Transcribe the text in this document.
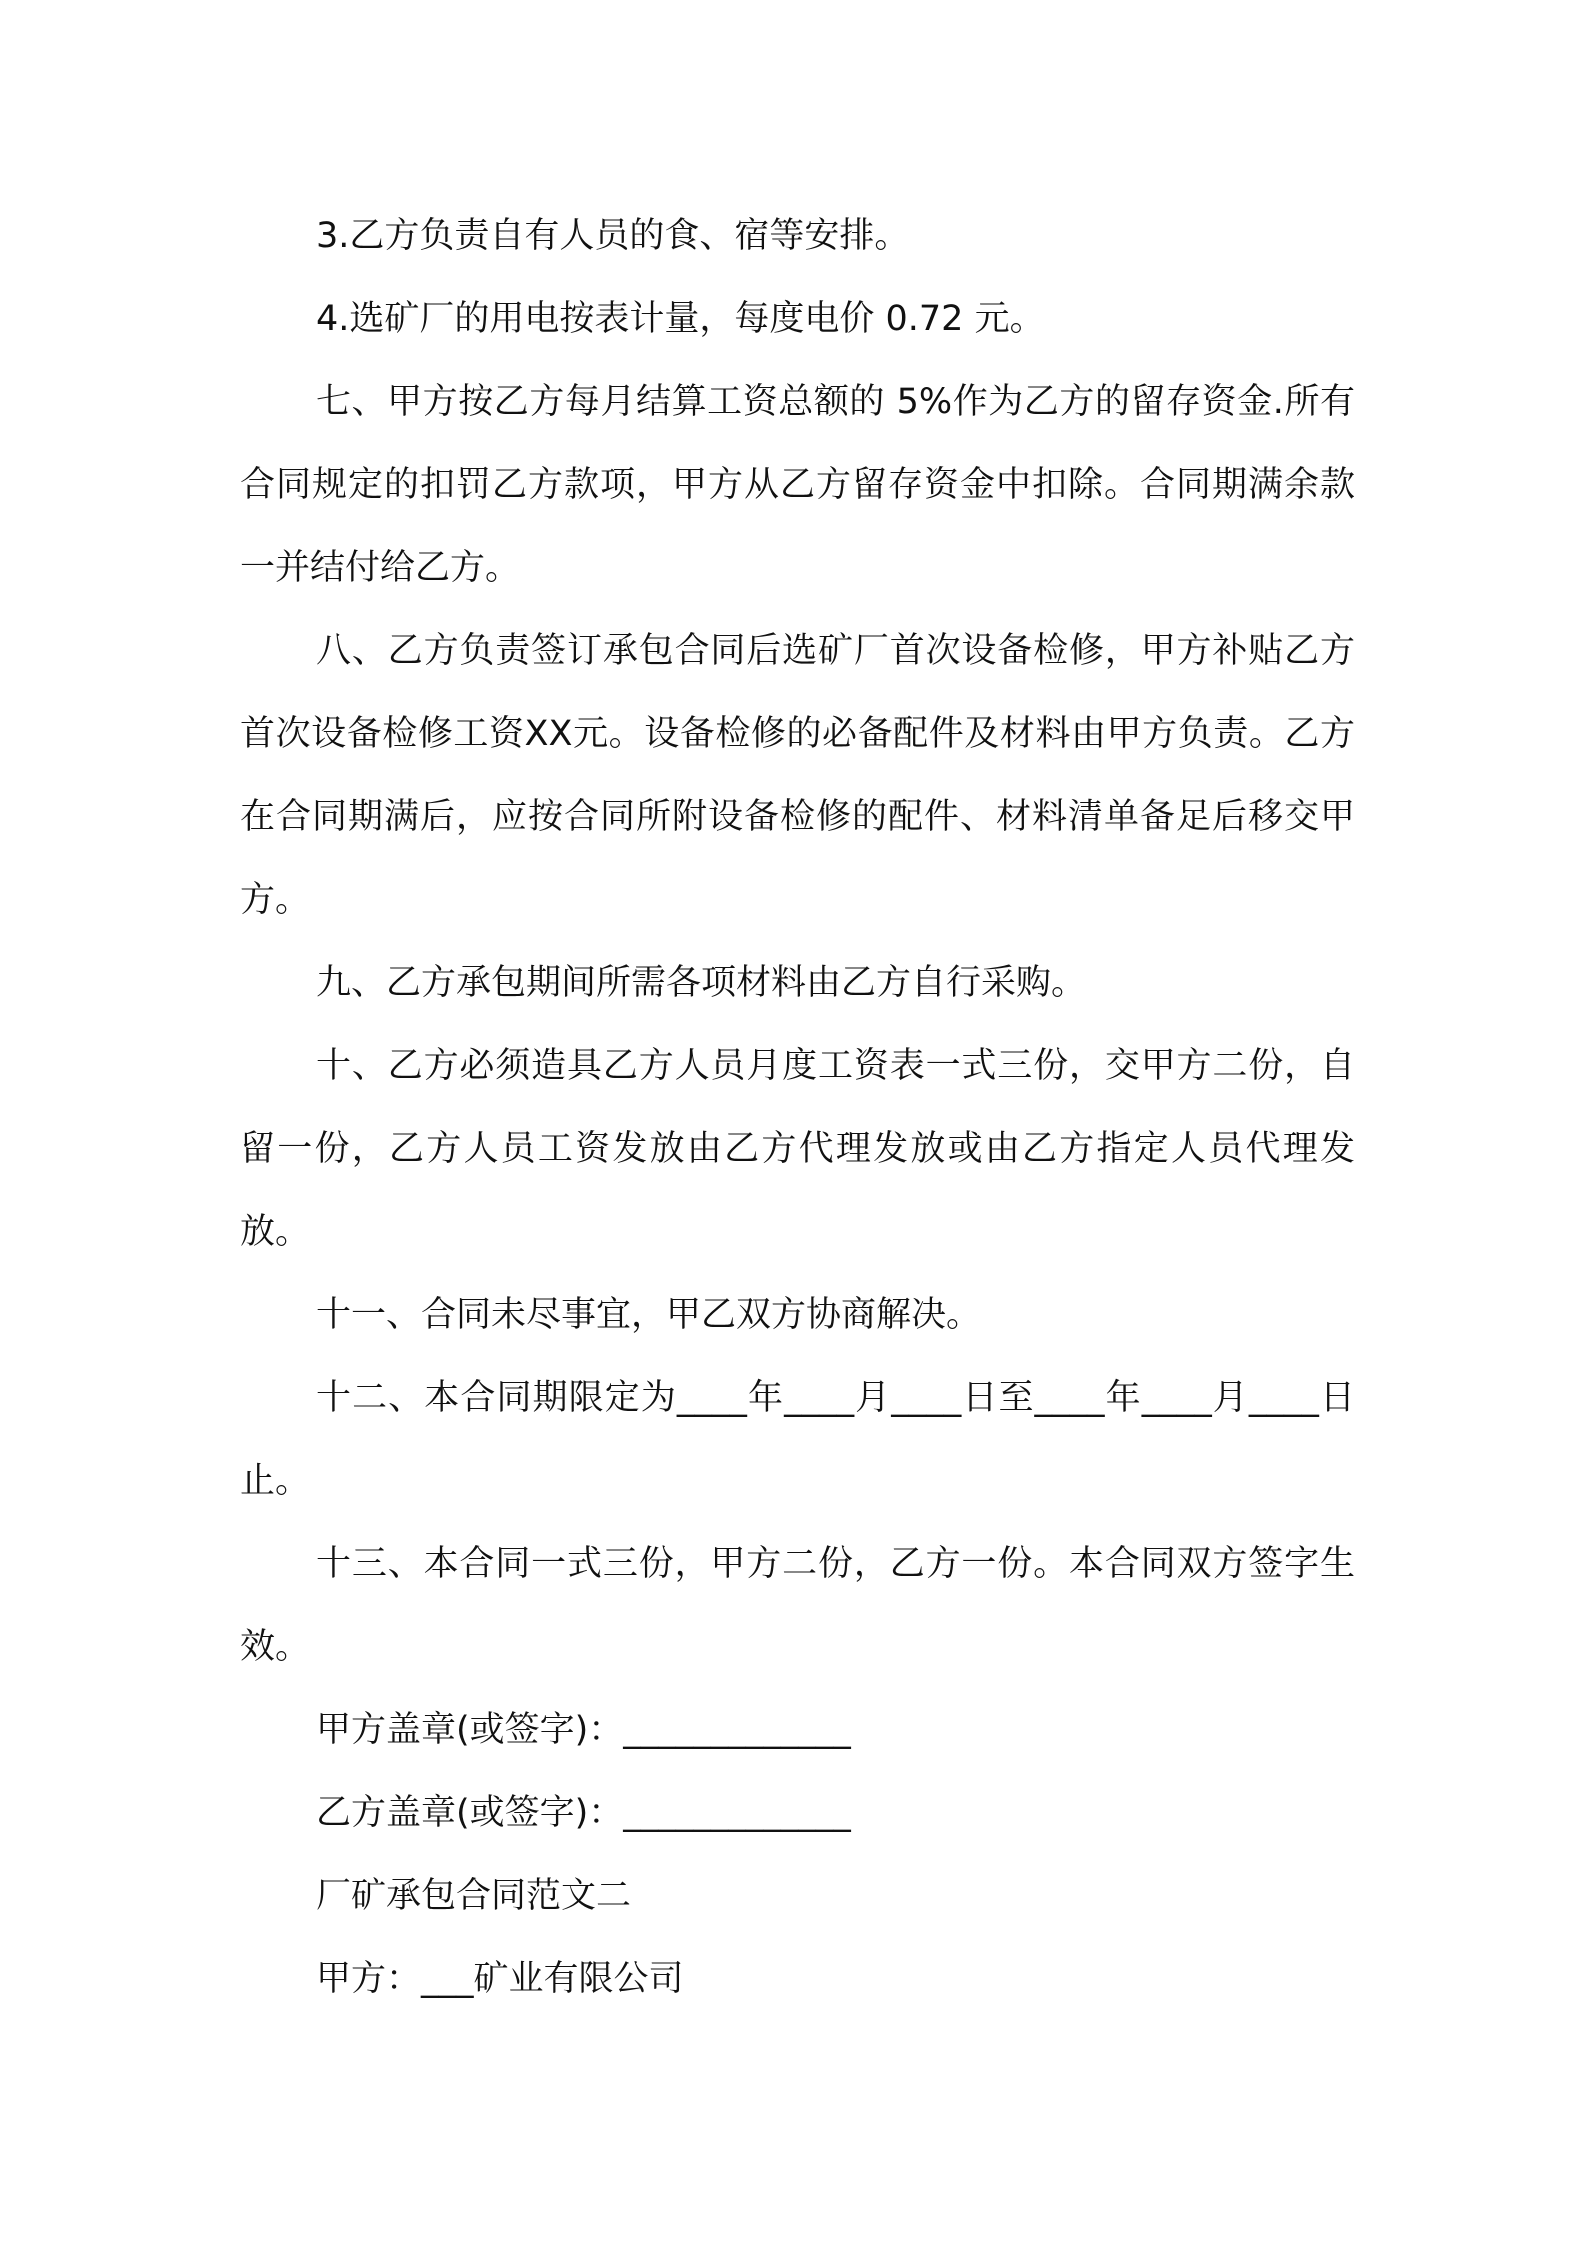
3.乙方负责自有人员的食、宿等安排。

4.选矿厂的用电按表计量，每度电价 0.72 元。

七、甲方按乙方每月结算工资总额的 5%作为乙方的留存资金.所有合同规定的扣罚乙方款项，甲方从乙方留存资金中扣除。合同期满余款一并结付给乙方。

八、乙方负责签订承包合同后选矿厂首次设备检修，甲方补贴乙方首次设备检修工资XX元。设备检修的必备配件及材料由甲方负责。乙方在合同期满后，应按合同所附设备检修的配件、材料清单备足后移交甲方。

九、乙方承包期间所需各项材料由乙方自行采购。

十、乙方必须造具乙方人员月度工资表一式三份，交甲方二份，自留一份，乙方人员工资发放由乙方代理发放或由乙方指定人员代理发放。

十一、合同未尽事宜，甲乙双方协商解决。

十二、本合同期限定为____年____月____日至____年____月____日止。

十三、本合同一式三份，甲方二份，乙方一份。本合同双方签字生效。

甲方盖章(或签字)：_____________

乙方盖章(或签字)：_____________

厂矿承包合同范文二

甲方：___矿业有限公司
